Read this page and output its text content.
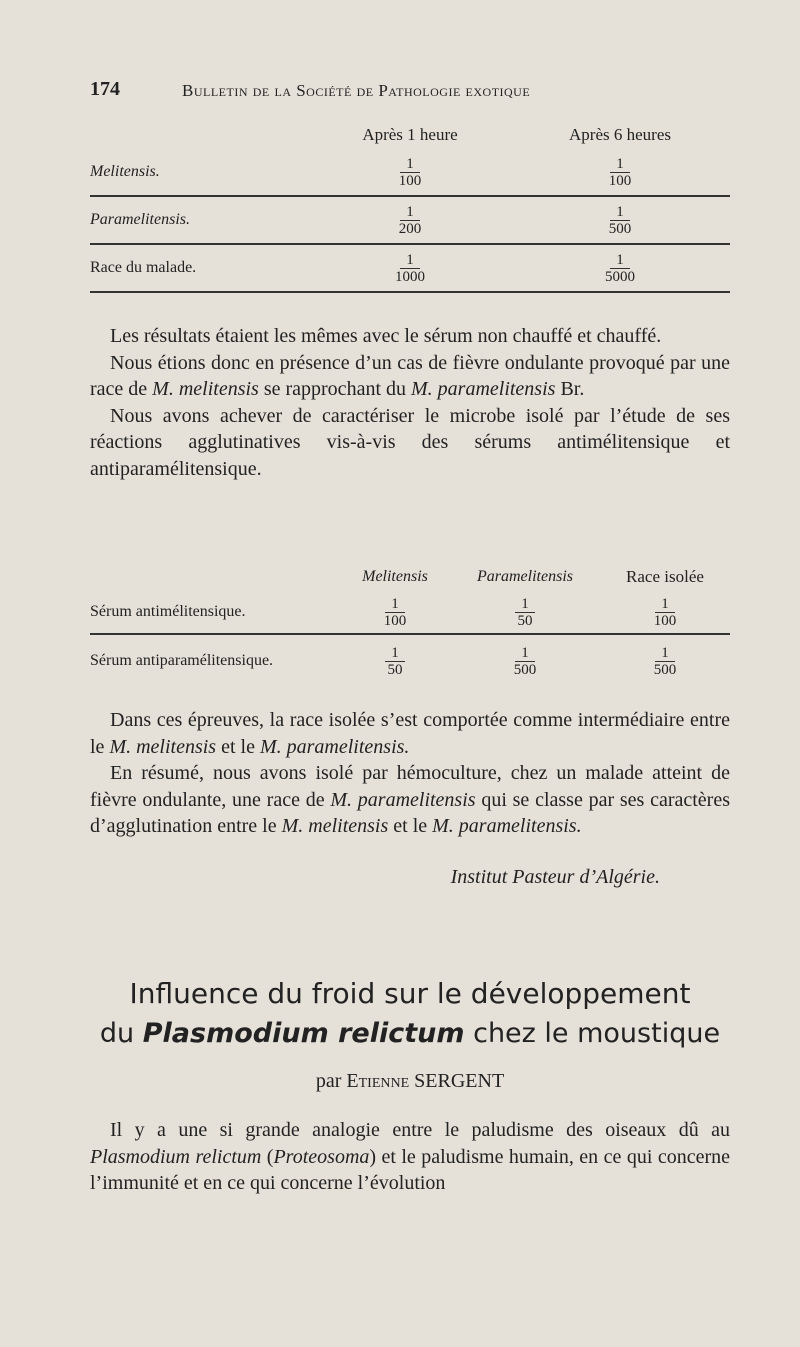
174	Bulletin de la Société de Pathologie exotique
	Après 1 heure	Après 6 heures
Melitensis.	$\frac{1}{100}$	$\frac{1}{100}$

Paramelitensis.	$\frac{1}{200}$	$\frac{1}{500}$

Race du malade.	$\frac{1}{1000}$	$\frac{1}{5000}$

Les résultats étaient les mêmes avec le sérum non chauffé et chauffé.

Nous étions donc en présence d’un cas de fièvre ondulante provoqué par une race de M. melitensis se rapprochant du M. paramelitensis Br.

Nous avons achever de caractériser le microbe isolé par l’étude de ses réactions agglutinatives vis-à-vis des sérums antimélitensique et antiparamélitensique.

	Melitensis	Paramelitensis	Race isolée
Sérum antimélitensique.	$\frac{1}{100}$	$\frac{1}{50}$	$\frac{1}{100}$

Sérum antiparamélitensique.	$\frac{1}{50}$	$\frac{1}{500}$	$\frac{1}{500}$

Dans ces épreuves, la race isolée s’est comportée comme intermédiaire entre le M. melitensis et le M. paramelitensis.

En résumé, nous avons isolé par hémoculture, chez un malade atteint de fièvre ondulante, une race de M. paramelitensis qui se classe par ses caractères d’agglutination entre le M. melitensis et le M. paramelitensis.

Institut Pasteur d’Algérie.
Influence du froid sur le développement
du Plasmodium relictum chez le moustique
par Etienne SERGENT

Il y a une si grande analogie entre le paludisme des oiseaux dû au Plasmodium relictum (Proteosoma) et le paludisme humain, en ce qui concerne l’immunité et en ce qui concerne l’évolution
